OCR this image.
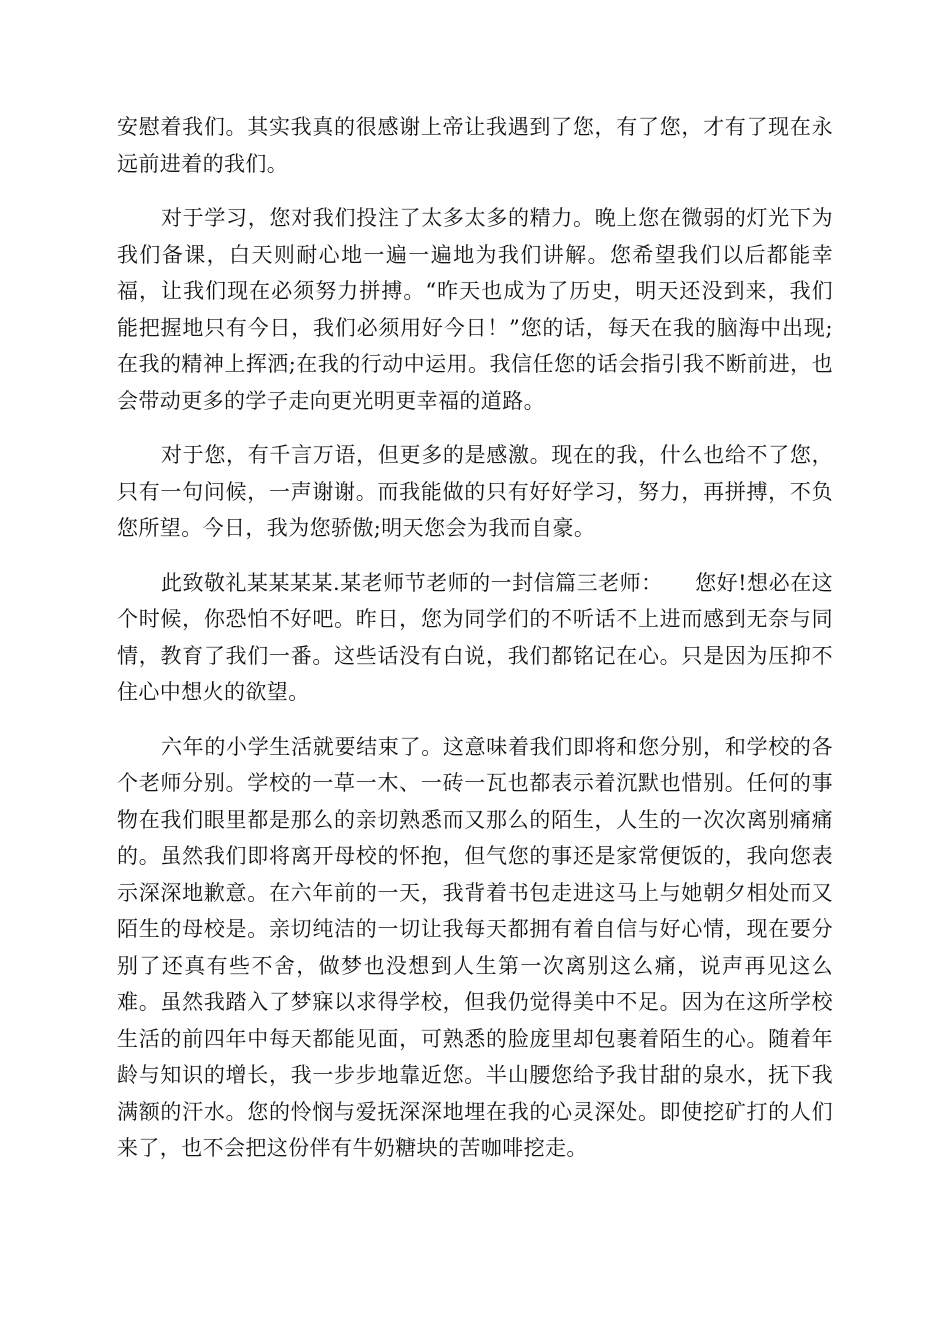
安慰着我们。其实我真的很感谢上帝让我遇到了您，有了您，才有了现在永远前进着的我们。

对于学习，您对我们投注了太多太多的精力。晚上您在微弱的灯光下为我们备课，白天则耐心地一遍一遍地为我们讲解。您希望我们以后都能幸福，让我们现在必须努力拼搏。“昨天也成为了历史，明天还没到来，我们能把握地只有今日，我们必须用好今日！”您的话，每天在我的脑海中出现;在我的精神上挥洒;在我的行动中运用。我信任您的话会指引我不断前进，也会带动更多的学子走向更光明更幸福的道路。

对于您，有千言万语，但更多的是感激。现在的我，什么也给不了您，只有一句问候，一声谢谢。而我能做的只有好好学习，努力，再拼搏，不负您所望。今日，我为您骄傲;明天您会为我而自豪。

此致敬礼某某某某.某老师节老师的一封信篇三老师：　　您好!想必在这个时候，你恐怕不好吧。昨日，您为同学们的不听话不上进而感到无奈与同情，教育了我们一番。这些话没有白说，我们都铭记在心。只是因为压抑不住心中想火的欲望。

六年的小学生活就要结束了。这意味着我们即将和您分别，和学校的各个老师分别。学校的一草一木、一砖一瓦也都表示着沉默也惜别。任何的事物在我们眼里都是那么的亲切熟悉而又那么的陌生，人生的一次次离别痛痛的。虽然我们即将离开母校的怀抱，但气您的事还是家常便饭的，我向您表示深深地歉意。在六年前的一天，我背着书包走进这马上与她朝夕相处而又陌生的母校是。亲切纯洁的一切让我每天都拥有着自信与好心情，现在要分别了还真有些不舍，做梦也没想到人生第一次离别这么痛，说声再见这么难。虽然我踏入了梦寐以求得学校，但我仍觉得美中不足。因为在这所学校生活的前四年中每天都能见面，可熟悉的脸庞里却包裹着陌生的心。随着年龄与知识的增长，我一步步地靠近您。半山腰您给予我甘甜的泉水，抚下我满额的汗水。您的怜悯与爱抚深深地埋在我的心灵深处。即使挖矿打的人们来了，也不会把这份伴有牛奶糖块的苦咖啡挖走。
